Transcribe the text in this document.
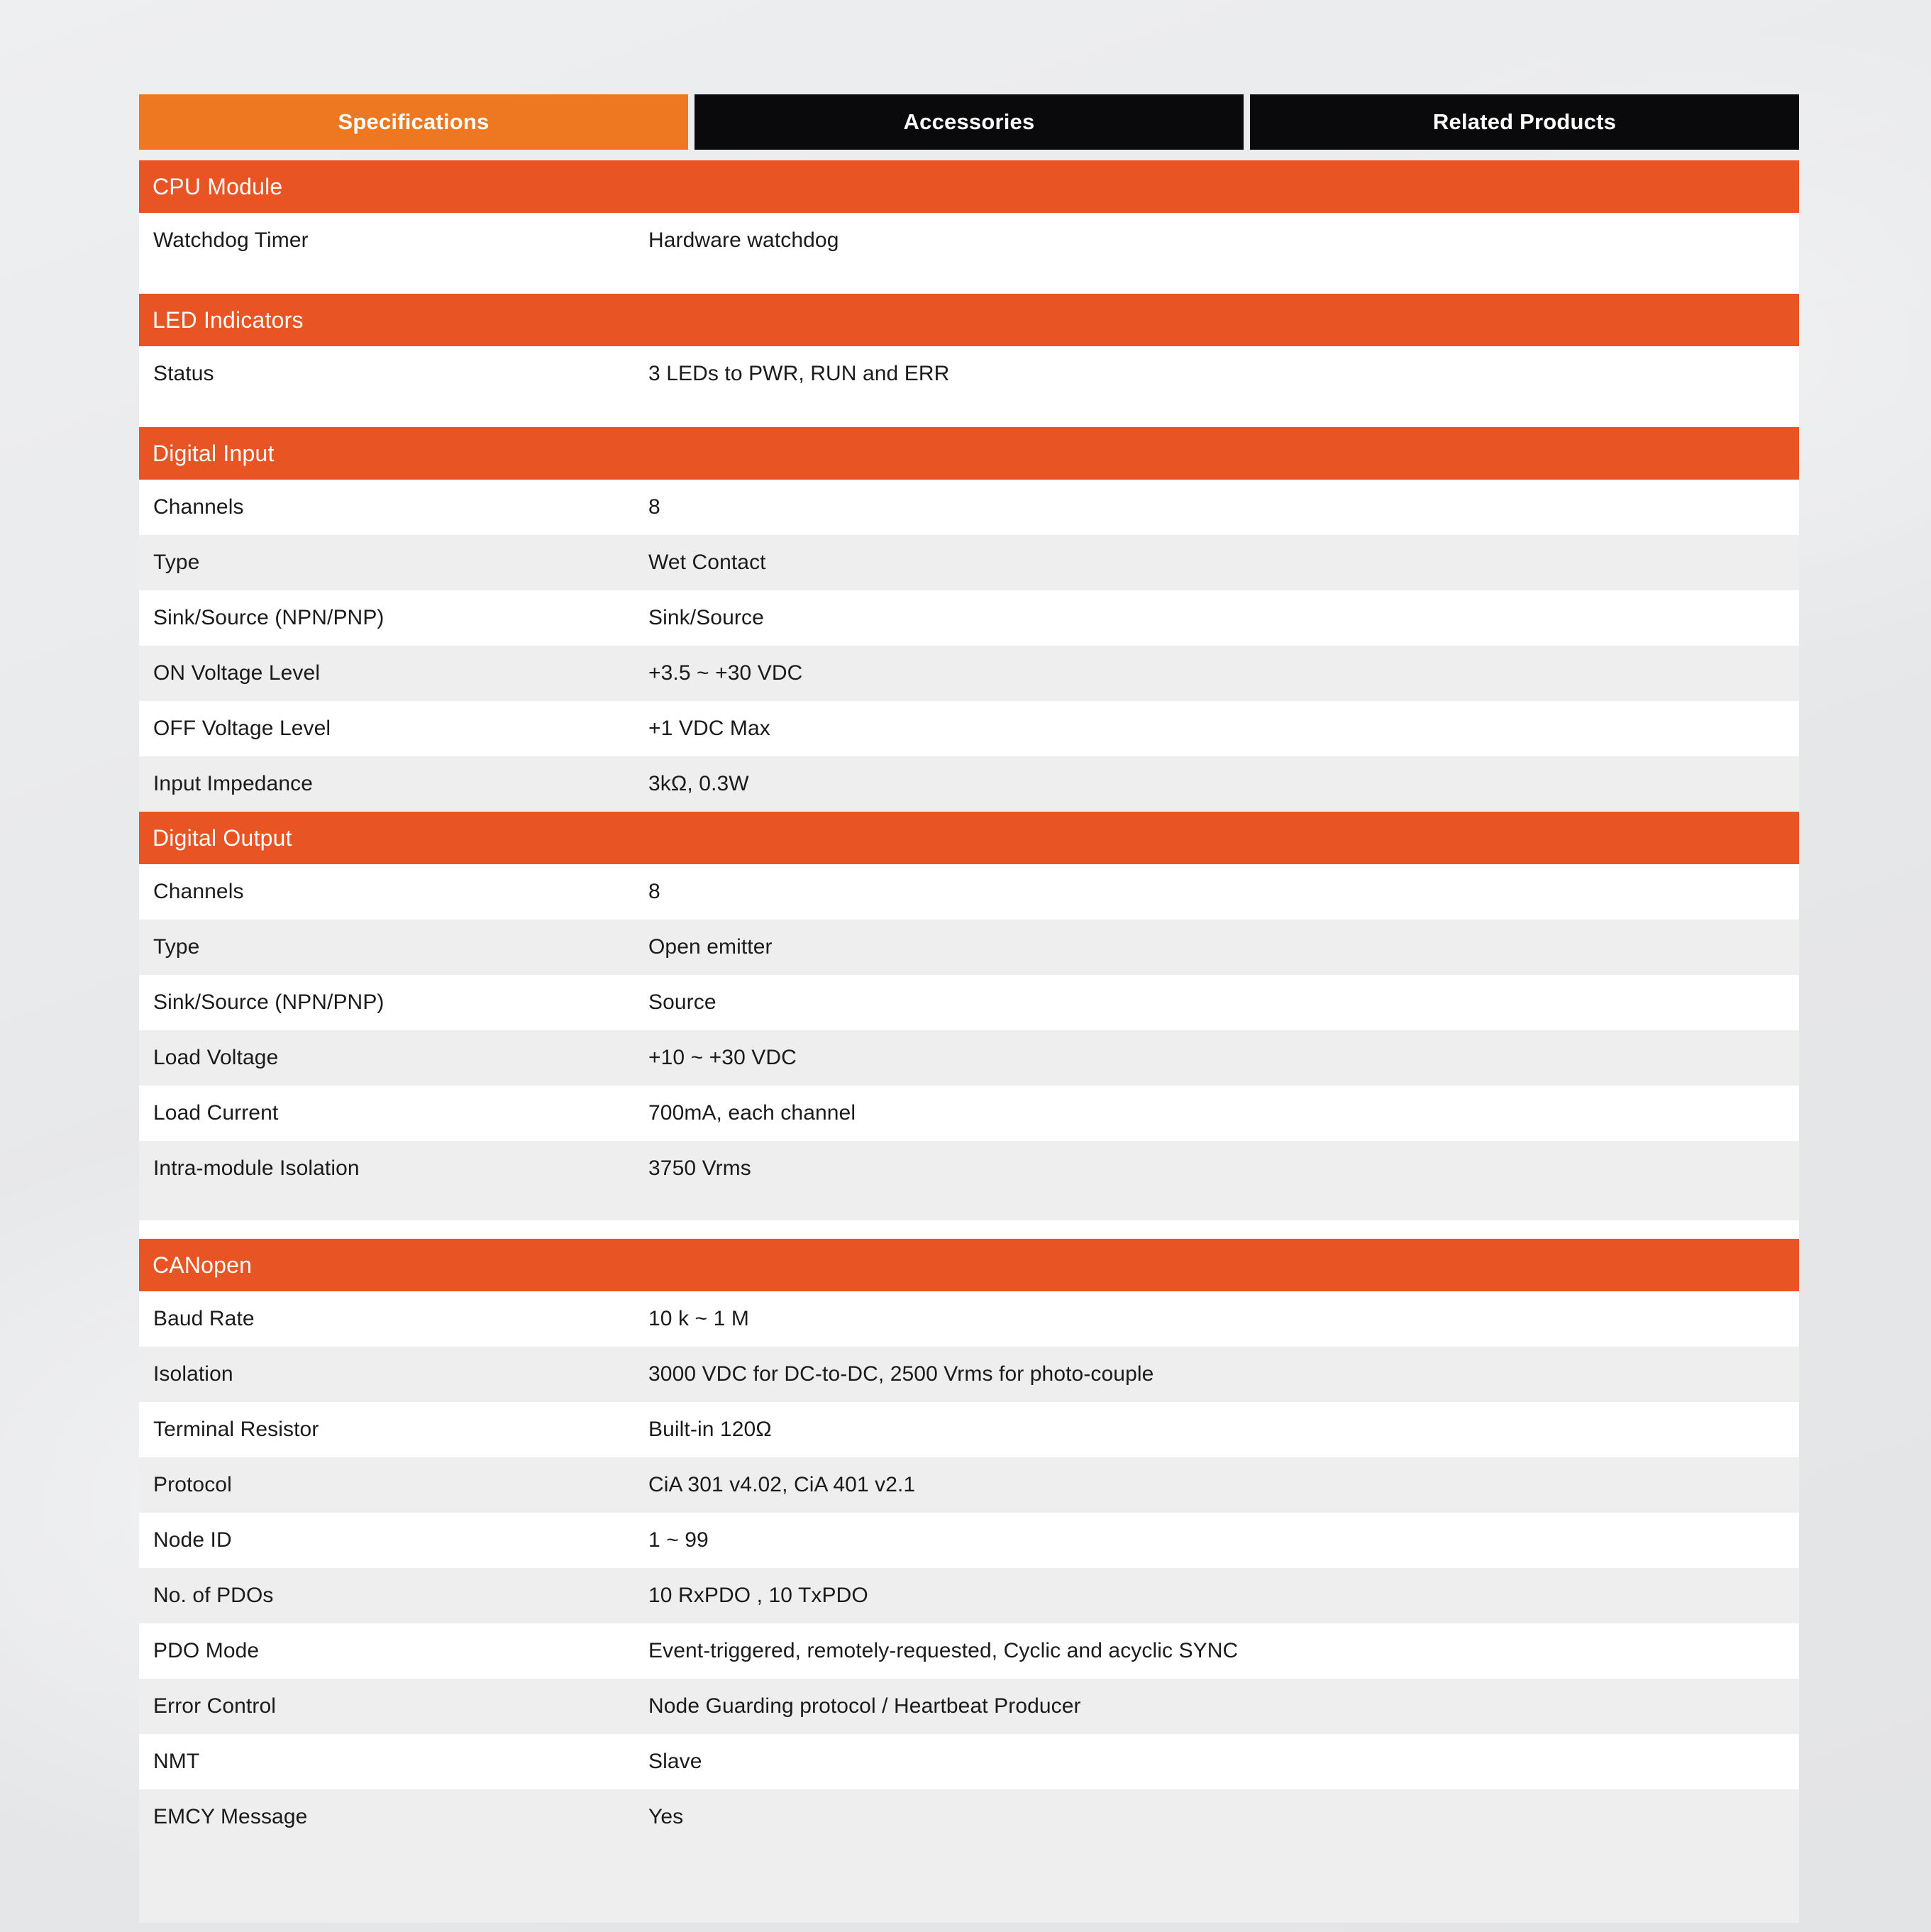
Specifications	Accessories	Related Products
CPU Module
Watchdog Timer	Hardware watchdog
LED Indicators
Status	3 LEDs to PWR, RUN and ERR
Digital Input
Channels	8
Type	Wet Contact
Sink/Source (NPN/PNP)	Sink/Source
ON Voltage Level	+3.5 ~ +30 VDC
OFF Voltage Level	+1 VDC Max
Input Impedance	3kΩ, 0.3W
Digital Output
Channels	8
Type	Open emitter
Sink/Source (NPN/PNP)	Source
Load Voltage	+10 ~ +30 VDC
Load Current	700mA, each channel
Intra-module Isolation	3750 Vrms
CANopen
Baud Rate	10 k ~ 1 M
Isolation	3000 VDC for DC-to-DC, 2500 Vrms for photo-couple
Terminal Resistor	Built-in 120Ω
Protocol	CiA 301 v4.02, CiA 401 v2.1
Node ID	1 ~ 99
No. of PDOs	10 RxPDO , 10 TxPDO
PDO Mode	Event-triggered, remotely-requested, Cyclic and acyclic SYNC
Error Control	Node Guarding protocol / Heartbeat Producer
NMT	Slave
EMCY Message	Yes
